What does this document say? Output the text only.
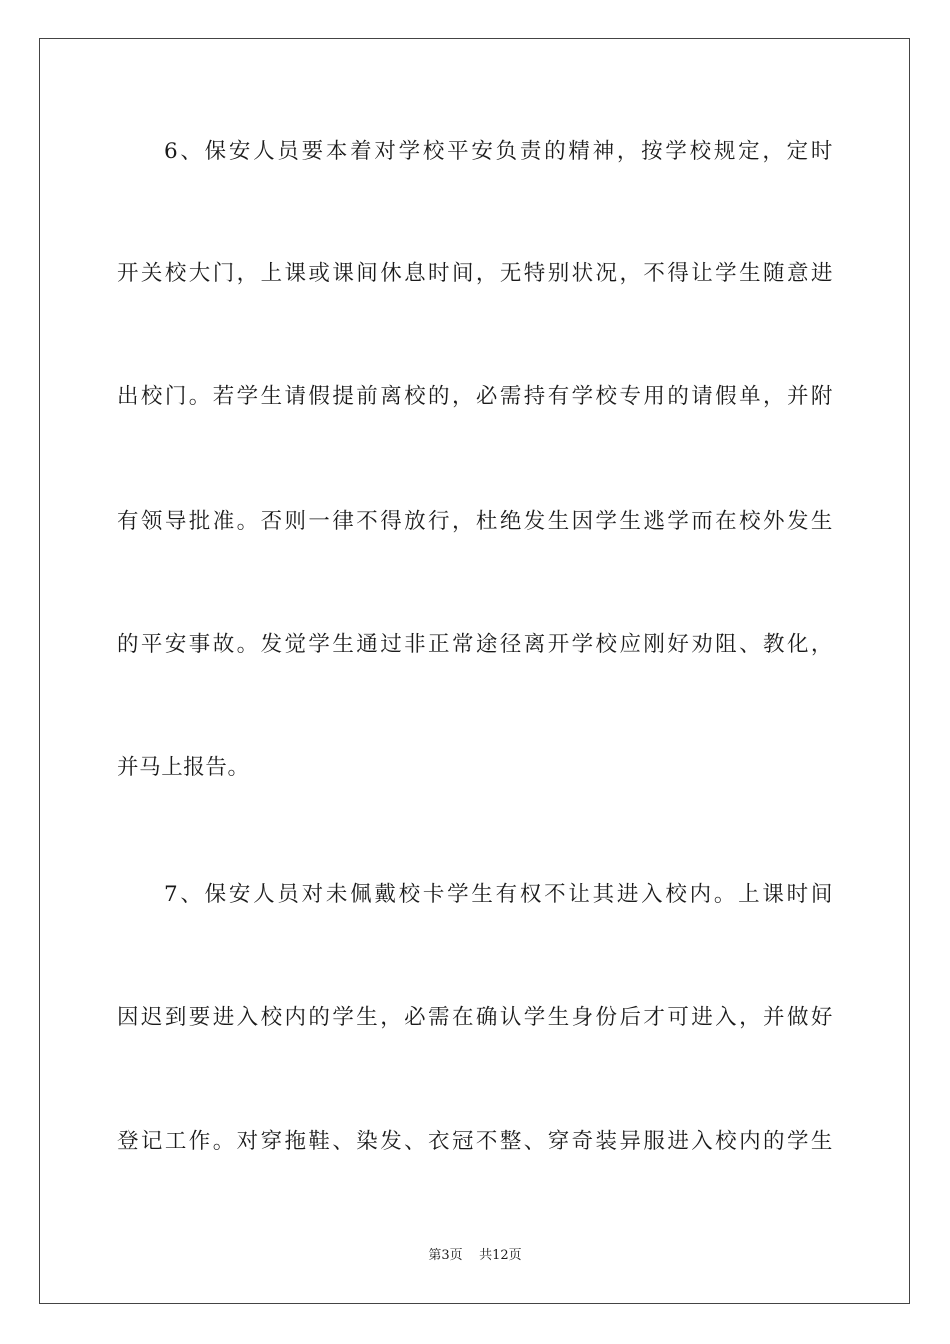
6、保安人员要本着对学校平安负责的精神，按学校规定，定时
开关校大门，上课或课间休息时间，无特别状况，不得让学生随意进
出校门。若学生请假提前离校的，必需持有学校专用的请假单，并附
有领导批准。否则一律不得放行，杜绝发生因学生逃学而在校外发生
的平安事故。发觉学生通过非正常途径离开学校应刚好劝阻、教化，
并马上报告。
7、保安人员对未佩戴校卡学生有权不让其进入校内。上课时间
因迟到要进入校内的学生，必需在确认学生身份后才可进入，并做好
登记工作。对穿拖鞋、染发、衣冠不整、穿奇装异服进入校内的学生
第3页 共12页
